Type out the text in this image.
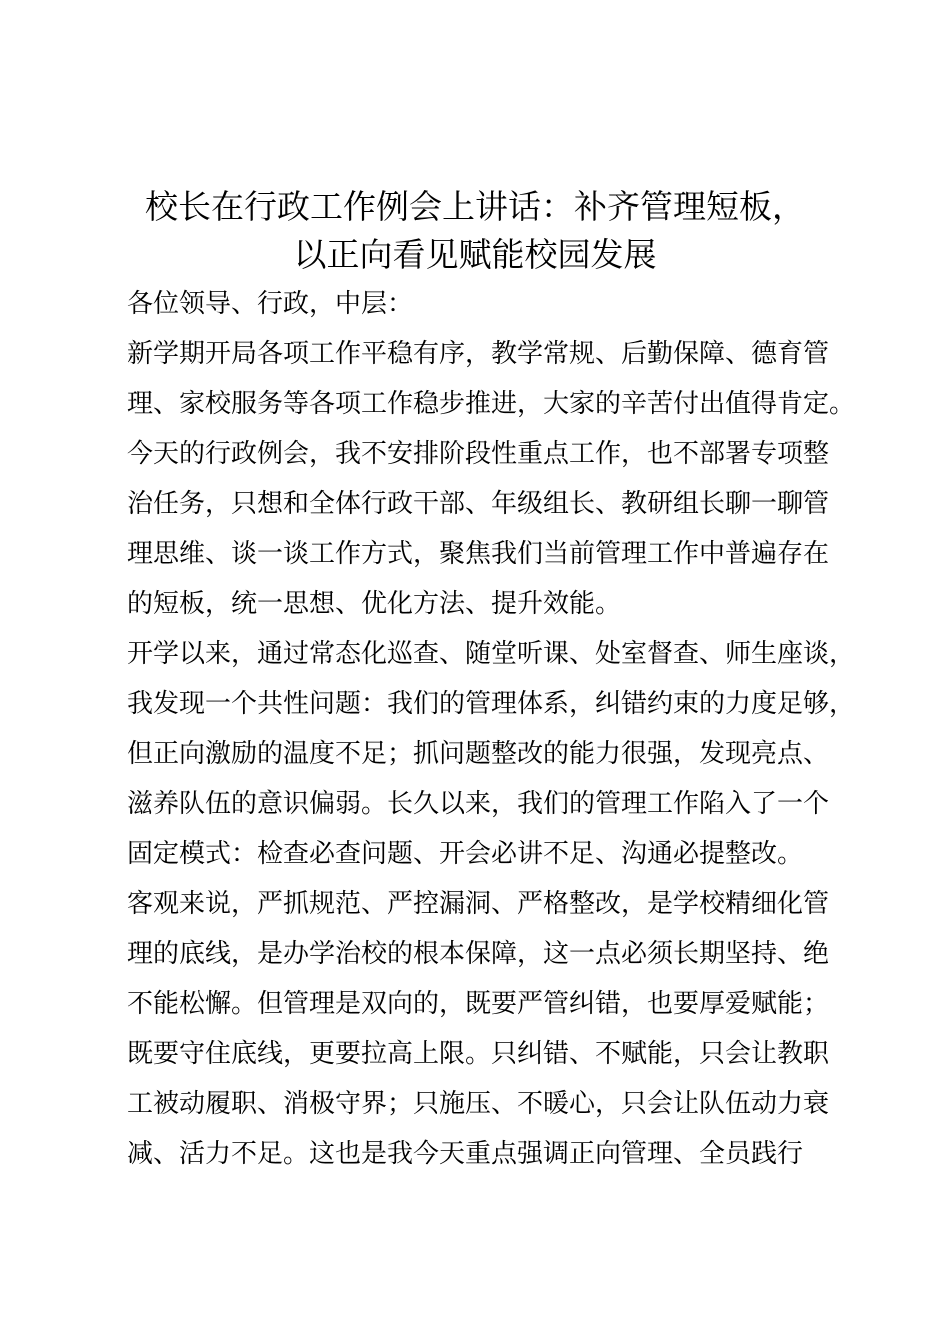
校长在行政工作例会上讲话：补齐管理短板，
以正向看见赋能校园发展
各位领导、行政，中层：
新学期开局各项工作平稳有序，教学常规、后勤保障、德育管
理、家校服务等各项工作稳步推进，大家的辛苦付出值得肯定。
今天的行政例会，我不安排阶段性重点工作，也不部署专项整
治任务，只想和全体行政干部、年级组长、教研组长聊一聊管
理思维、谈一谈工作方式，聚焦我们当前管理工作中普遍存在
的短板，统一思想、优化方法、提升效能。
开学以来，通过常态化巡查、随堂听课、处室督查、师生座谈，
我发现一个共性问题：我们的管理体系，纠错约束的力度足够，
但正向激励的温度不足；抓问题整改的能力很强，发现亮点、
滋养队伍的意识偏弱。长久以来，我们的管理工作陷入了一个
固定模式：检查必查问题、开会必讲不足、沟通必提整改。
客观来说，严抓规范、严控漏洞、严格整改，是学校精细化管
理的底线，是办学治校的根本保障，这一点必须长期坚持、绝
不能松懈。但管理是双向的，既要严管纠错，也要厚爱赋能；
既要守住底线，更要拉高上限。只纠错、不赋能，只会让教职
工被动履职、消极守界；只施压、不暖心，只会让队伍动力衰
减、活力不足。这也是我今天重点强调正向管理、全员践行
